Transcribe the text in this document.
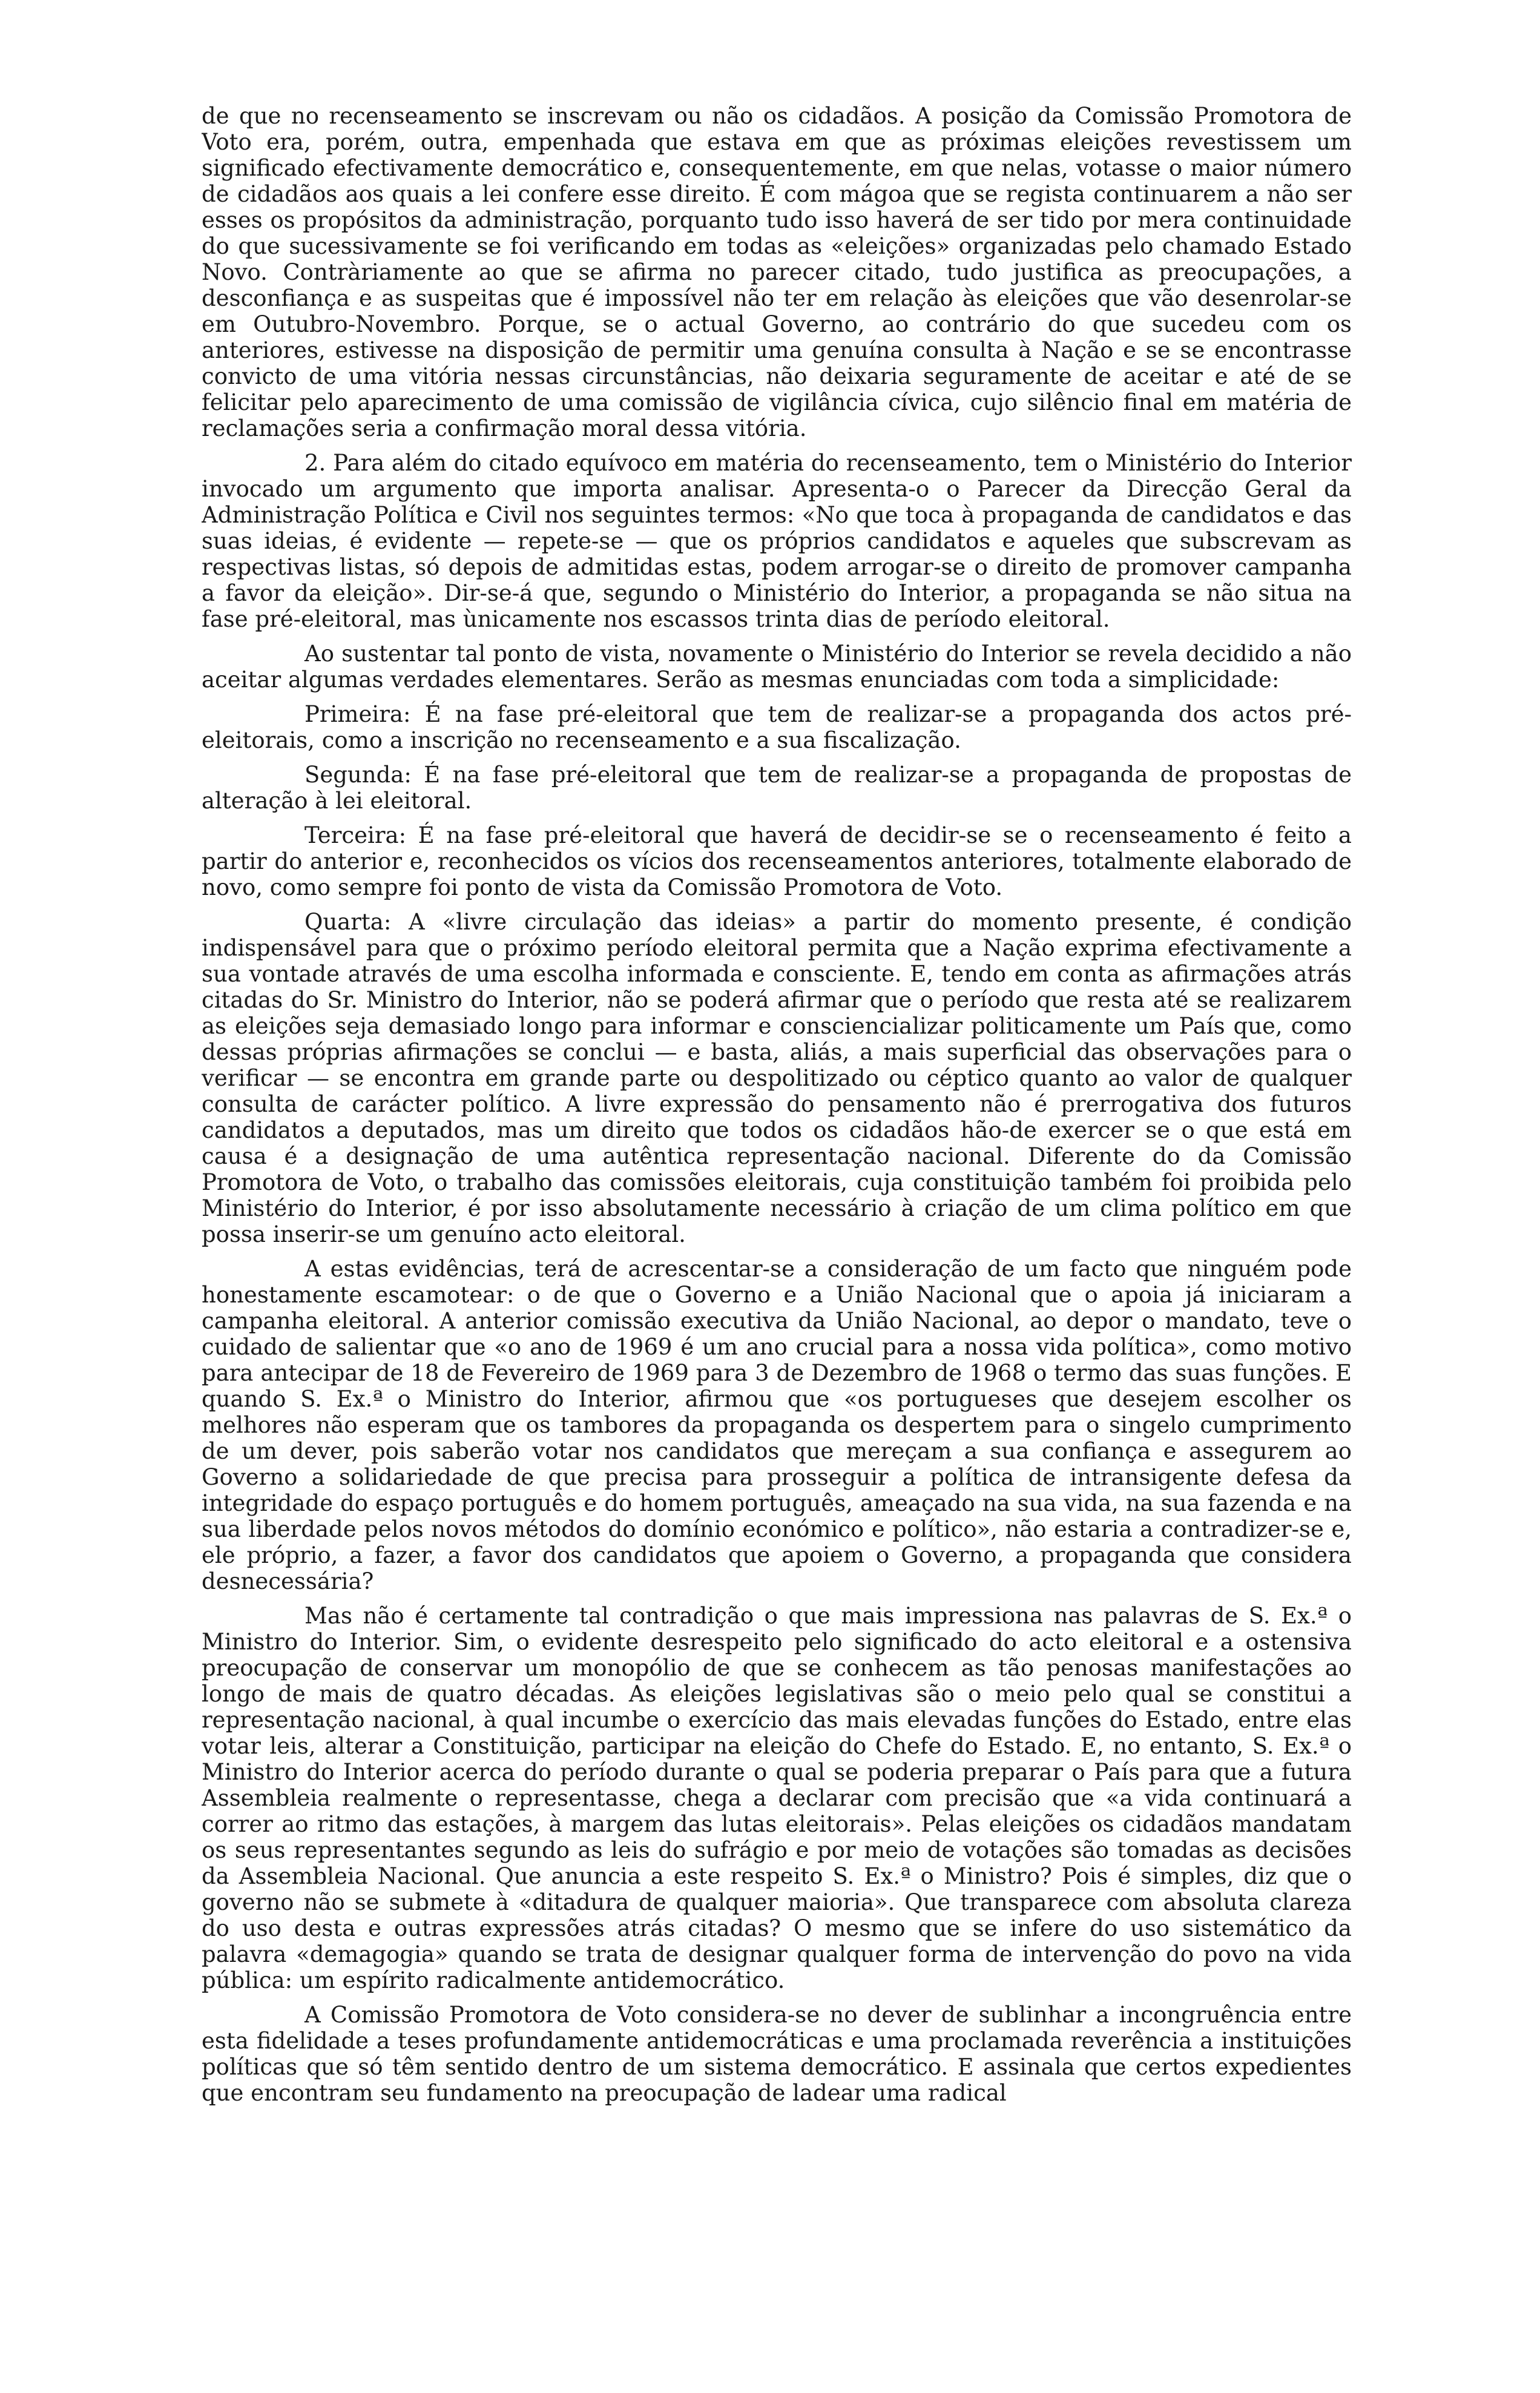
de que no recenseamento se inscrevam ou não os cidadãos. A posição da Comissão Promotora de Voto era, porém, outra, empenhada que estava em que as próximas eleições revestissem um significado efectivamente democrático e, consequentemente, em que nelas, votasse o maior número de cidadãos aos quais a lei confere esse direito. É com mágoa que se regista continuarem a não ser esses os propósitos da administração, porquanto tudo isso haverá de ser tido por mera continuidade do que sucessivamente se foi verificando em todas as «eleições» organizadas pelo chamado Estado Novo. Contràriamente ao que se afirma no parecer citado, tudo justifica as preocupações, a desconfiança e as suspeitas que é impossível não ter em relação às eleições que vão desenrolar-se em Outubro-Novembro. Porque, se o actual Governo, ao contrário do que sucedeu com os anteriores, estivesse na disposição de permitir uma genuína consulta à Nação e se se encontrasse convicto de uma vitória nessas circunstâncias, não deixaria seguramente de aceitar e até de se felicitar pelo aparecimento de uma comissão de vigilância cívica, cujo silêncio final em matéria de reclamações seria a confirmação moral dessa vitória.

2. Para além do citado equívoco em matéria do recenseamento, tem o Ministério do Interior invocado um argumento que importa analisar. Apresenta-o o Parecer da Direcção Geral da Administração Política e Civil nos seguintes termos: «No que toca à propaganda de candidatos e das suas ideias, é evidente — repete-se — que os próprios candidatos e aqueles que subscrevam as respectivas listas, só depois de admitidas estas, podem arrogar-se o direito de promover campanha a favor da eleição». Dir-se-á que, segundo o Ministério do Interior, a propaganda se não situa na fase pré-eleitoral, mas ùnicamente nos escassos trinta dias de período eleitoral.

Ao sustentar tal ponto de vista, novamente o Ministério do Interior se revela decidido a não aceitar algumas verdades elementares. Serão as mesmas enunciadas com toda a simplicidade:

Primeira: É na fase pré-eleitoral que tem de realizar-se a propaganda dos actos pré-eleitorais, como a inscrição no recenseamento e a sua fiscalização.

Segunda: É na fase pré-eleitoral que tem de realizar-se a propaganda de propostas de alteração à lei eleitoral.

Terceira: É na fase pré-eleitoral que haverá de decidir-se se o recenseamento é feito a partir do anterior e, reconhecidos os vícios dos recenseamentos anteriores, totalmente elaborado de novo, como sempre foi ponto de vista da Comissão Promotora de Voto.

Quarta: A «livre circulação das ideias» a partir do momento presente, é condição indispensável para que o próximo período eleitoral permita que a Nação exprima efectivamente a sua vontade através de uma escolha informada e consciente. E, tendo em conta as afirmações atrás citadas do Sr. Ministro do Interior, não se poderá afirmar que o período que resta até se realizarem as eleições seja demasiado longo para informar e consciencializar politicamente um País que, como dessas próprias afirmações se conclui — e basta, aliás, a mais superficial das observações para o verificar — se encontra em grande parte ou despolitizado ou céptico quanto ao valor de qualquer consulta de carácter político. A livre expressão do pensamento não é prerrogativa dos futuros candidatos a deputados, mas um direito que todos os cidadãos hão-de exercer se o que está em causa é a designação de uma autêntica representação nacional. Diferente do da Comissão Promotora de Voto, o trabalho das comissões eleitorais, cuja constituição também foi proibida pelo Ministério do Interior, é por isso absolutamente necessário à criação de um clima político em que possa inserir-se um genuíno acto eleitoral.

A estas evidências, terá de acrescentar-se a consideração de um facto que ninguém pode honestamente escamotear: o de que o Governo e a União Nacional que o apoia já iniciaram a campanha eleitoral. A anterior comissão executiva da União Nacional, ao depor o mandato, teve o cuidado de salientar que «o ano de 1969 é um ano crucial para a nossa vida política», como motivo para antecipar de 18 de Fevereiro de 1969 para 3 de Dezembro de 1968 o termo das suas funções. E quando S. Ex.ª o Ministro do Interior, afirmou que «os portugueses que desejem escolher os melhores não esperam que os tambores da propaganda os despertem para o singelo cumprimento de um dever, pois saberão votar nos candidatos que mereçam a sua confiança e assegurem ao Governo a solidariedade de que precisa para prosseguir a política de intransigente defesa da integridade do espaço português e do homem português, ameaçado na sua vida, na sua fazenda e na sua liberdade pelos novos métodos do domínio económico e político», não estaria a contradizer-se e, ele próprio, a fazer, a favor dos candidatos que apoiem o Governo, a propaganda que considera desnecessária?

Mas não é certamente tal contradição o que mais impressiona nas palavras de S. Ex.ª o Ministro do Interior. Sim, o evidente desrespeito pelo significado do acto eleitoral e a ostensiva preocupação de conservar um monopólio de que se conhecem as tão penosas manifestações ao longo de mais de quatro décadas. As eleições legislativas são o meio pelo qual se constitui a representação nacional, à qual incumbe o exercício das mais elevadas funções do Estado, entre elas votar leis, alterar a Constituição, participar na eleição do Chefe do Estado. E, no entanto, S. Ex.ª o Ministro do Interior acerca do período durante o qual se poderia preparar o País para que a futura Assembleia realmente o representasse, chega a declarar com precisão que «a vida continuará a correr ao ritmo das estações, à margem das lutas eleitorais». Pelas eleições os cidadãos mandatam os seus representantes segundo as leis do sufrágio e por meio de votações são tomadas as decisões da Assembleia Nacional. Que anuncia a este respeito S. Ex.ª o Ministro? Pois é simples, diz que o governo não se submete à «ditadura de qualquer maioria». Que transparece com absoluta clareza do uso desta e outras expressões atrás citadas? O mesmo que se infere do uso sistemático da palavra «demagogia» quando se trata de designar qualquer forma de intervenção do povo na vida pública: um espírito radicalmente antidemocrático.

A Comissão Promotora de Voto considera-se no dever de sublinhar a incongruência entre esta fidelidade a teses profundamente antidemocráticas e uma proclamada reverência a instituições políticas que só têm sentido dentro de um sistema democrático. E assinala que certos expedientes que encontram seu fundamento na preocupação de ladear uma radical
